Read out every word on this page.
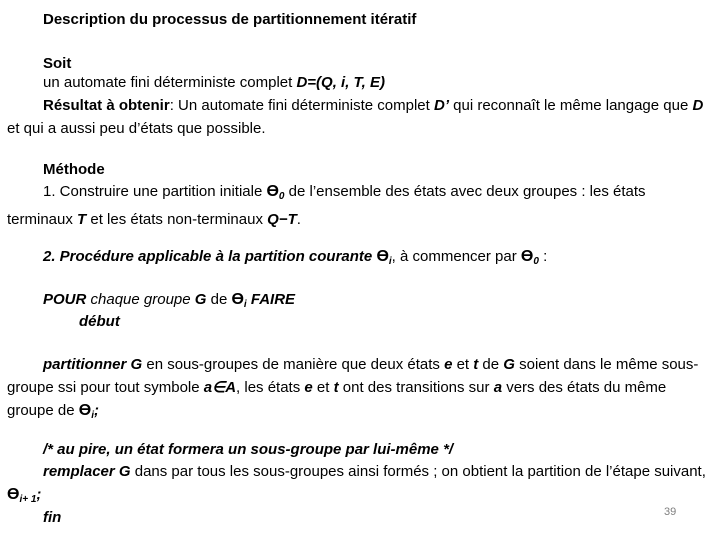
Description du processus de partitionnement itératif

Soit

un automate fini déterministe complet D=(Q, i, T, E)

Résultat à obtenir: Un automate fini déterministe complet D’ qui reconnaît le même langage que D et qui a aussi peu d’états que possible.

Méthode

1. Construire une partition initiale $ϴ_0$ de l’ensemble des états avec deux groupes : les états terminaux T et les états non-terminaux Q−T.

2. Procédure applicable à la partition courante $ϴ_i$, à commencer par $ϴ_0$ :

POUR chaque groupe G de $ϴ_i$ FAIRE

début

partitionner G en sous-groupes de manière que deux états e et t de G soient dans le même sous-groupe ssi pour tout symbole a∈A, les états e et t ont des transitions sur a vers des états du même groupe de $ϴ_i$;

/* au pire, un état formera un sous-groupe par lui-même */

remplacer G dans par tous les sous-groupes ainsi formés ; on obtient la partition de l’étape suivant, $ϴ_{i+ 1}$;

fin	39
